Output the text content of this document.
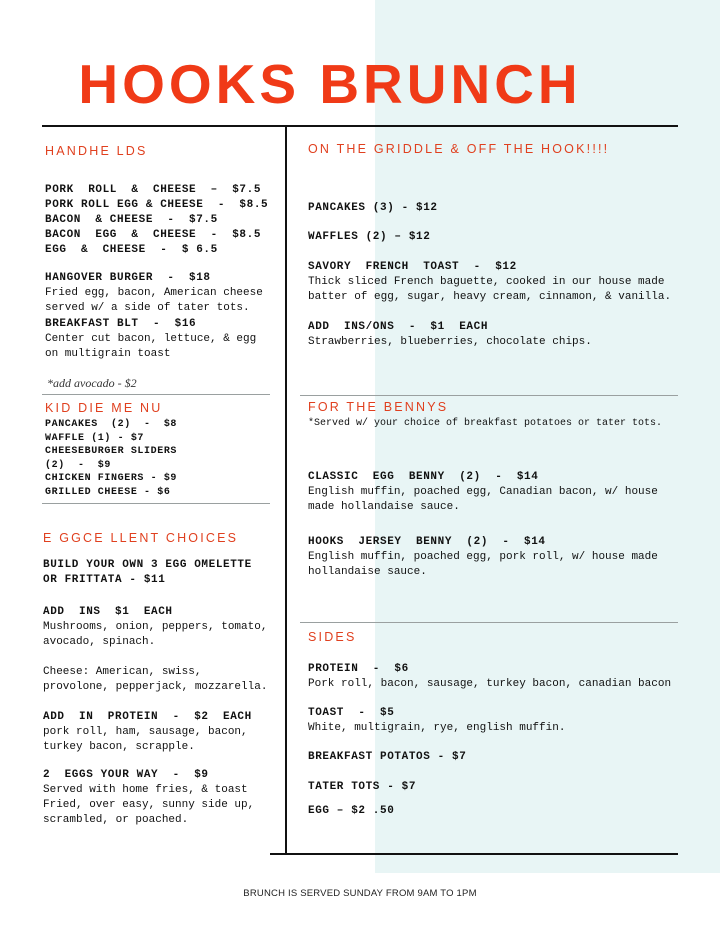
HOOKS BRUNCH
HANDHE LDS
PORK  ROLL  &  CHEESE  –  $7.5
PORK ROLL EGG & CHEESE  -  $8.5
BACON  & CHEESE  -  $7.5
BACON  EGG  &  CHEESE  -  $8.5
EGG  &  CHEESE  -  $ 6.5
HANGOVER BURGER  -  $18
Fried egg, bacon, American cheese
served w/ a side of tater tots.
BREAKFAST BLT  -  $16
Center cut bacon, lettuce, & egg
on multigrain toast
*add avocado - $2
KID DIE ME NU
PANCAKES  (2)  -  $8
WAFFLE (1) - $7
CHEESEBURGER SLIDERS
(2)  -  $9
CHICKEN FINGERS - $9
GRILLED CHEESE - $6
E GGCE LLENT CHOICES
BUILD YOUR OWN 3 EGG OMELETTE
OR FRITTATA - $11
ADD  INS  $1  EACH
Mushrooms, onion, peppers, tomato,
avocado, spinach.
Cheese: American, swiss,
provolone, pepperjack, mozzarella.
ADD  IN  PROTEIN  -  $2  EACH
pork roll, ham, sausage, bacon,
turkey bacon, scrapple.
2  EGGS YOUR WAY  -  $9
Served with home fries, & toast
Fried, over easy, sunny side up,
scrambled, or poached.
ON THE GRIDDLE & OFF THE HOOK!!!!
PANCAKES (3) - $12
WAFFLES (2) – $12
SAVORY  FRENCH  TOAST  -  $12
Thick sliced French baguette, cooked in our house made
batter of egg, sugar, heavy cream, cinnamon, & vanilla.
ADD  INS/ONS  -  $1  EACH
Strawberries, blueberries, chocolate chips.
FOR THE BENNYS
*Served w/ your choice of breakfast potatoes or tater tots.
CLASSIC  EGG  BENNY  (2)  -  $14
English muffin, poached egg, Canadian bacon, w/ house
made hollandaise sauce.
HOOKS  JERSEY  BENNY  (2)  -  $14
English muffin, poached egg, pork roll, w/ house made
hollandaise sauce.
SIDES
PROTEIN  -  $6
Pork roll, bacon, sausage, turkey bacon, canadian bacon
TOAST  -  $5
White, multigrain, rye, english muffin.
BREAKFAST POTATOS - $7
TATER TOTS - $7
EGG – $2 .50
BRUNCH IS SERVED SUNDAY FROM 9AM TO 1PM
